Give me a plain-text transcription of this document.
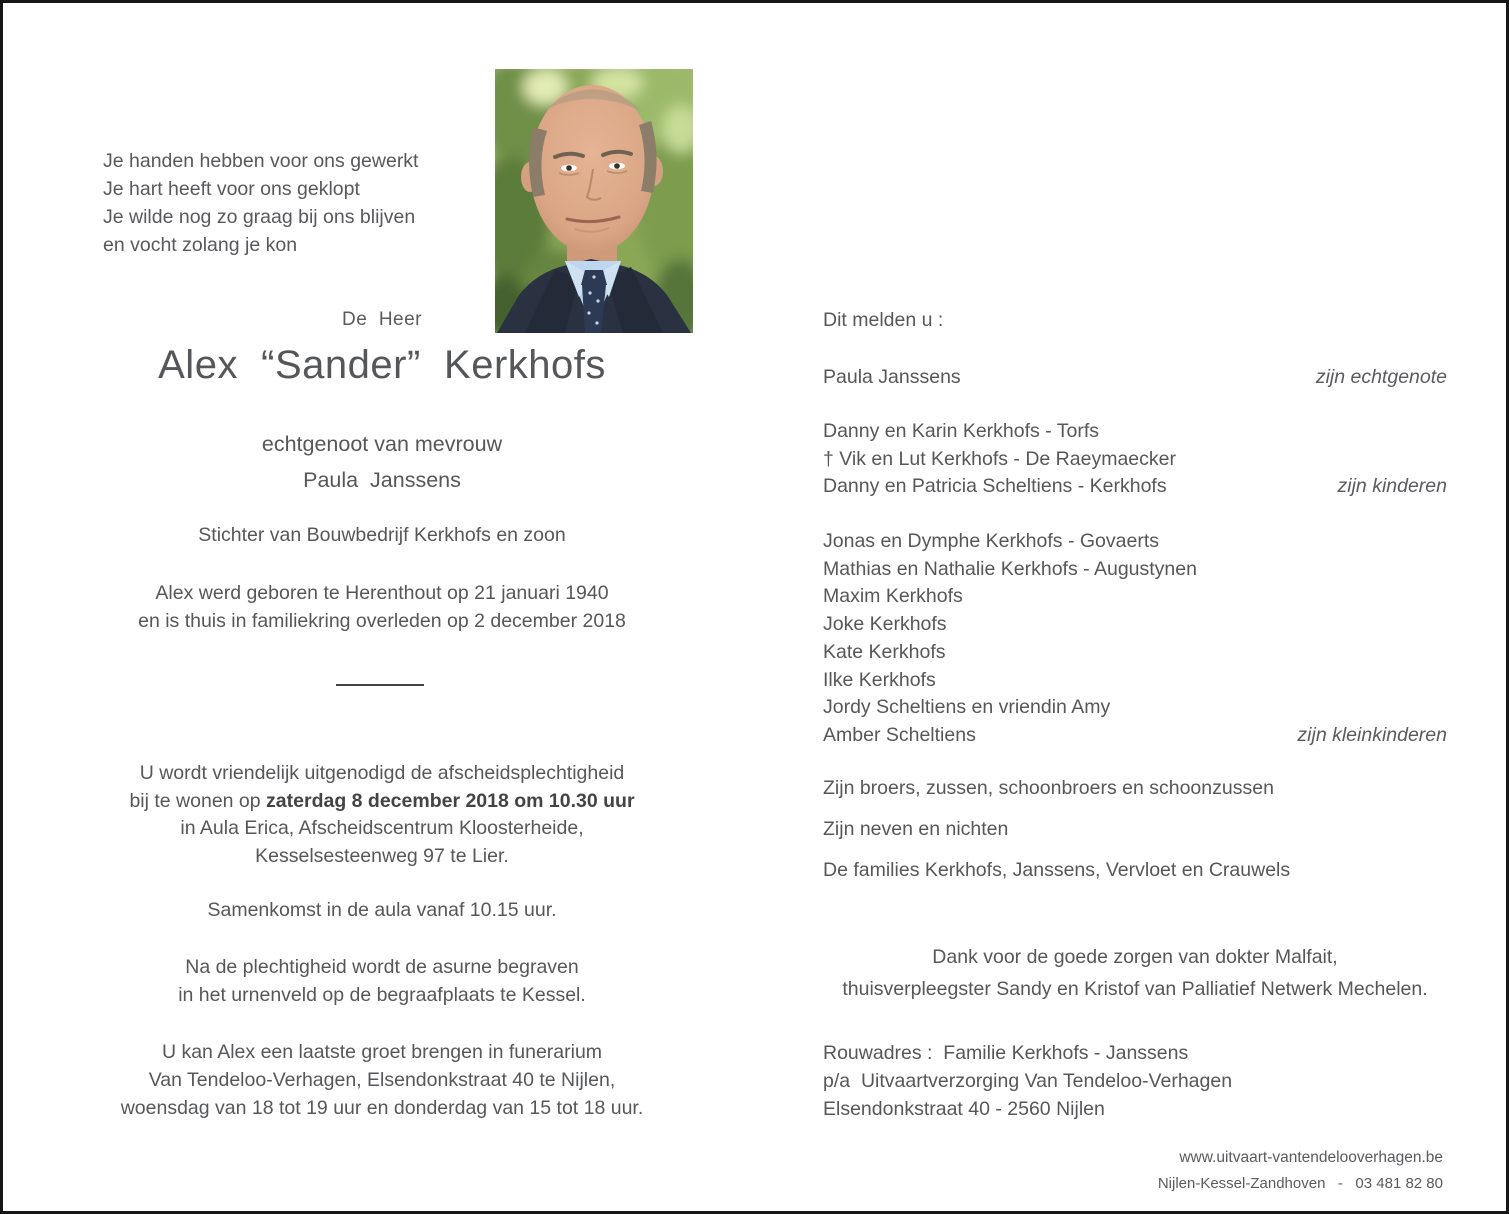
Je handen hebben voor ons gewerkt
Je hart heeft voor ons geklopt
Je wilde nog zo graag bij ons blijven
en vocht zolang je kon
De  Heer
Alex  “Sander”  Kerkhofs
echtgenoot van mevrouw
Paula  Janssens
Stichter van Bouwbedrijf Kerkhofs en zoon
Alex werd geboren te Herenthout op 21 januari 1940
en is thuis in familiekring overleden op 2 december 2018
U wordt vriendelijk uitgenodigd de afscheidsplechtigheid
bij te wonen op zaterdag 8 december 2018 om 10.30 uur
in Aula Erica, Afscheidscentrum Kloosterheide,
Kesselsesteenweg 97 te Lier.
Samenkomst in de aula vanaf 10.15 uur.
Na de plechtigheid wordt de asurne begraven
in het urnenveld op de begraafplaats te Kessel.
U kan Alex een laatste groet brengen in funerarium
Van Tendeloo-Verhagen, Elsendonkstraat 40 te Nijlen,
woensdag van 18 tot 19 uur en donderdag van 15 tot 18 uur.
Dit melden u :
Paula Janssens	zijn echtgenote
Danny en Karin Kerkhofs - Torfs
† Vik en Lut Kerkhofs - De Raeymaecker
Danny en Patricia Scheltiens - Kerkhofs	zijn kinderen
Jonas en Dymphe Kerkhofs - Govaerts
Mathias en Nathalie Kerkhofs - Augustynen
Maxim Kerkhofs
Joke Kerkhofs
Kate Kerkhofs
Ilke Kerkhofs
Jordy Scheltiens en vriendin Amy
Amber Scheltiens	zijn kleinkinderen
Zijn broers, zussen, schoonbroers en schoonzussen
Zijn neven en nichten
De families Kerkhofs, Janssens, Vervloet en Crauwels
Dank voor de goede zorgen van dokter Malfait,
thuisverpleegster Sandy en Kristof van Palliatief Netwerk Mechelen.
Rouwadres :  Familie Kerkhofs - Janssens
p/a  Uitvaartverzorging Van Tendeloo-Verhagen
Elsendonkstraat 40 - 2560 Nijlen
www.uitvaart-vantendelooverhagen.be
Nijlen-Kessel-Zandhoven   -   03 481 82 80
